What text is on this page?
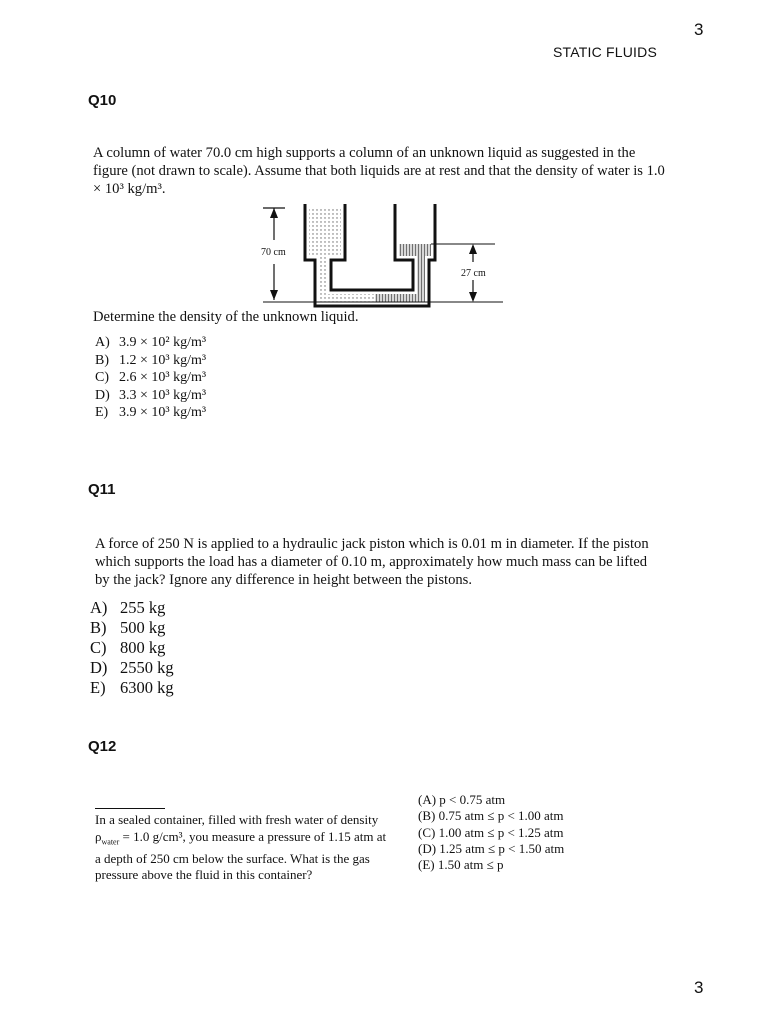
3
STATIC FLUIDS
Q10
A column of water 70.0 cm high supports a column of an unknown liquid as suggested in the figure (not drawn to scale). Assume that both liquids are at rest and that the density of water is 1.0 × 10³ kg/m³.
70 cm
27 cm
Determine the density of the unknown liquid.
A) 3.9 × 10² kg/m³
B) 1.2 × 10³ kg/m³
C) 2.6 × 10³ kg/m³
D) 3.3 × 10³ kg/m³
E) 3.9 × 10³ kg/m³
Q11
A force of 250 N is applied to a hydraulic jack piston which is 0.01 m in diameter. If the piston which supports the load has a diameter of 0.10 m, approximately how much mass can be lifted by the jack? Ignore any difference in height between the pistons.
A) 255 kg
B) 500 kg
C) 800 kg
D) 2550 kg
E) 6300 kg
Q12
In a sealed container, filled with fresh water of density
$\rho_{water} = 1.0$ g/cm³, you measure a pressure of 1.15 atm at
a depth of 250 cm below the surface. What is the gas
pressure above the fluid in this container?
(A) p < 0.75 atm
(B) 0.75 atm ≤ p < 1.00 atm
(C) 1.00 atm ≤ p < 1.25 atm
(D) 1.25 atm ≤ p < 1.50 atm
(E) 1.50 atm ≤ p
3
